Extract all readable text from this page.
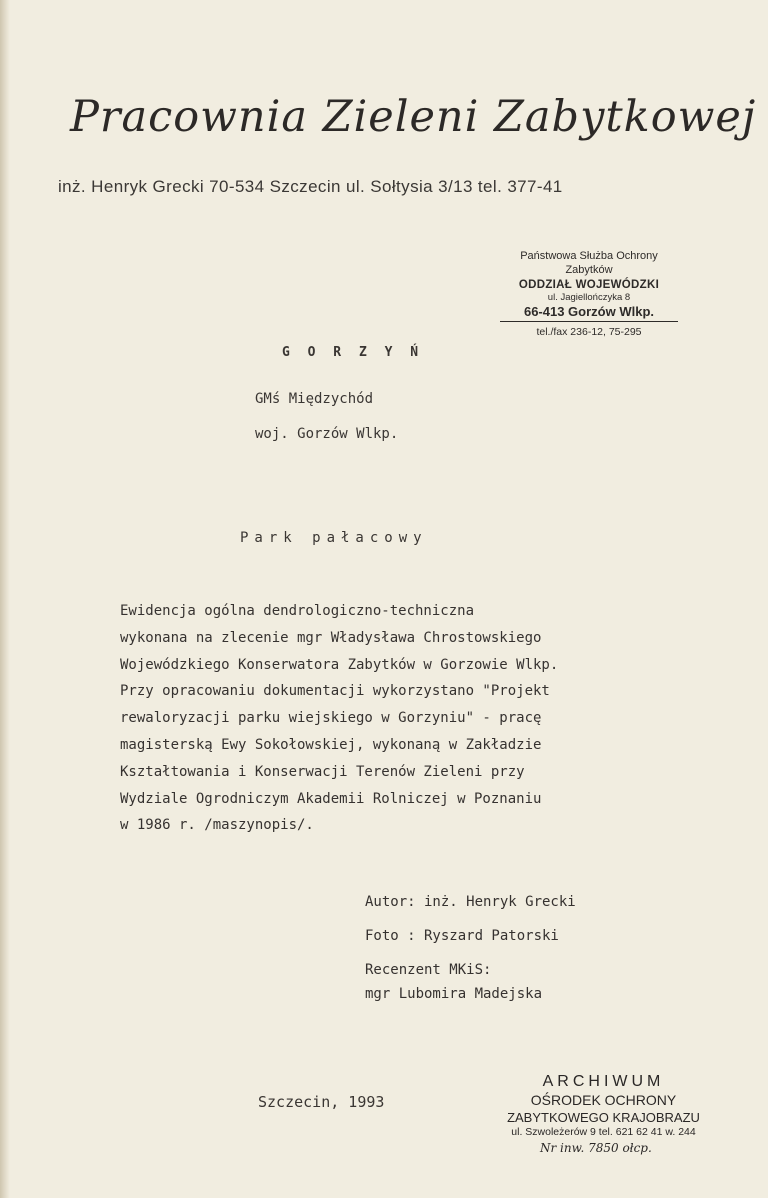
Pracownia Zieleni Zabytkowej
inż. Henryk Grecki 70-534 Szczecin ul. Sołtysia 3/13 tel. 377-41
Państwowa Służba Ochrony Zabytków
ODDZIAŁ WOJEWÓDZKI
ul. Jagiellończyka 8
66-413 Gorzów Wlkp.
tel./fax 236-12, 75-295
G O R Z Y Ń
GMś Międzychód
woj. Gorzów Wlkp.
Park pałacowy
Ewidencja ogólna dendrologiczno-techniczna
wykonana na zlecenie mgr Władysława Chrostowskiego
Wojewódzkiego Konserwatora Zabytków w Gorzowie Wlkp.
Przy opracowaniu dokumentacji wykorzystano "Projekt
rewaloryzacji parku wiejskiego w Gorzyniu" - pracę
magisterską Ewy Sokołowskiej, wykonaną w Zakładzie
Kształtowania i Konserwacji Terenów Zieleni przy
Wydziale Ogrodniczym Akademii Rolniczej w Poznaniu
w 1986 r. /maszynopis/.
Autor: inż. Henryk Grecki
Foto : Ryszard Patorski
Recenzent MKiS:
mgr Lubomira Madejska
Szczecin, 1993
ARCHIWUM
OŚRODEK OCHRONY
ZABYTKOWEGO KRAJOBRAZU
ul. Szwoleżerów 9 tel. 621 62 41 w. 244
Nr inw. 7850 ołcp.
